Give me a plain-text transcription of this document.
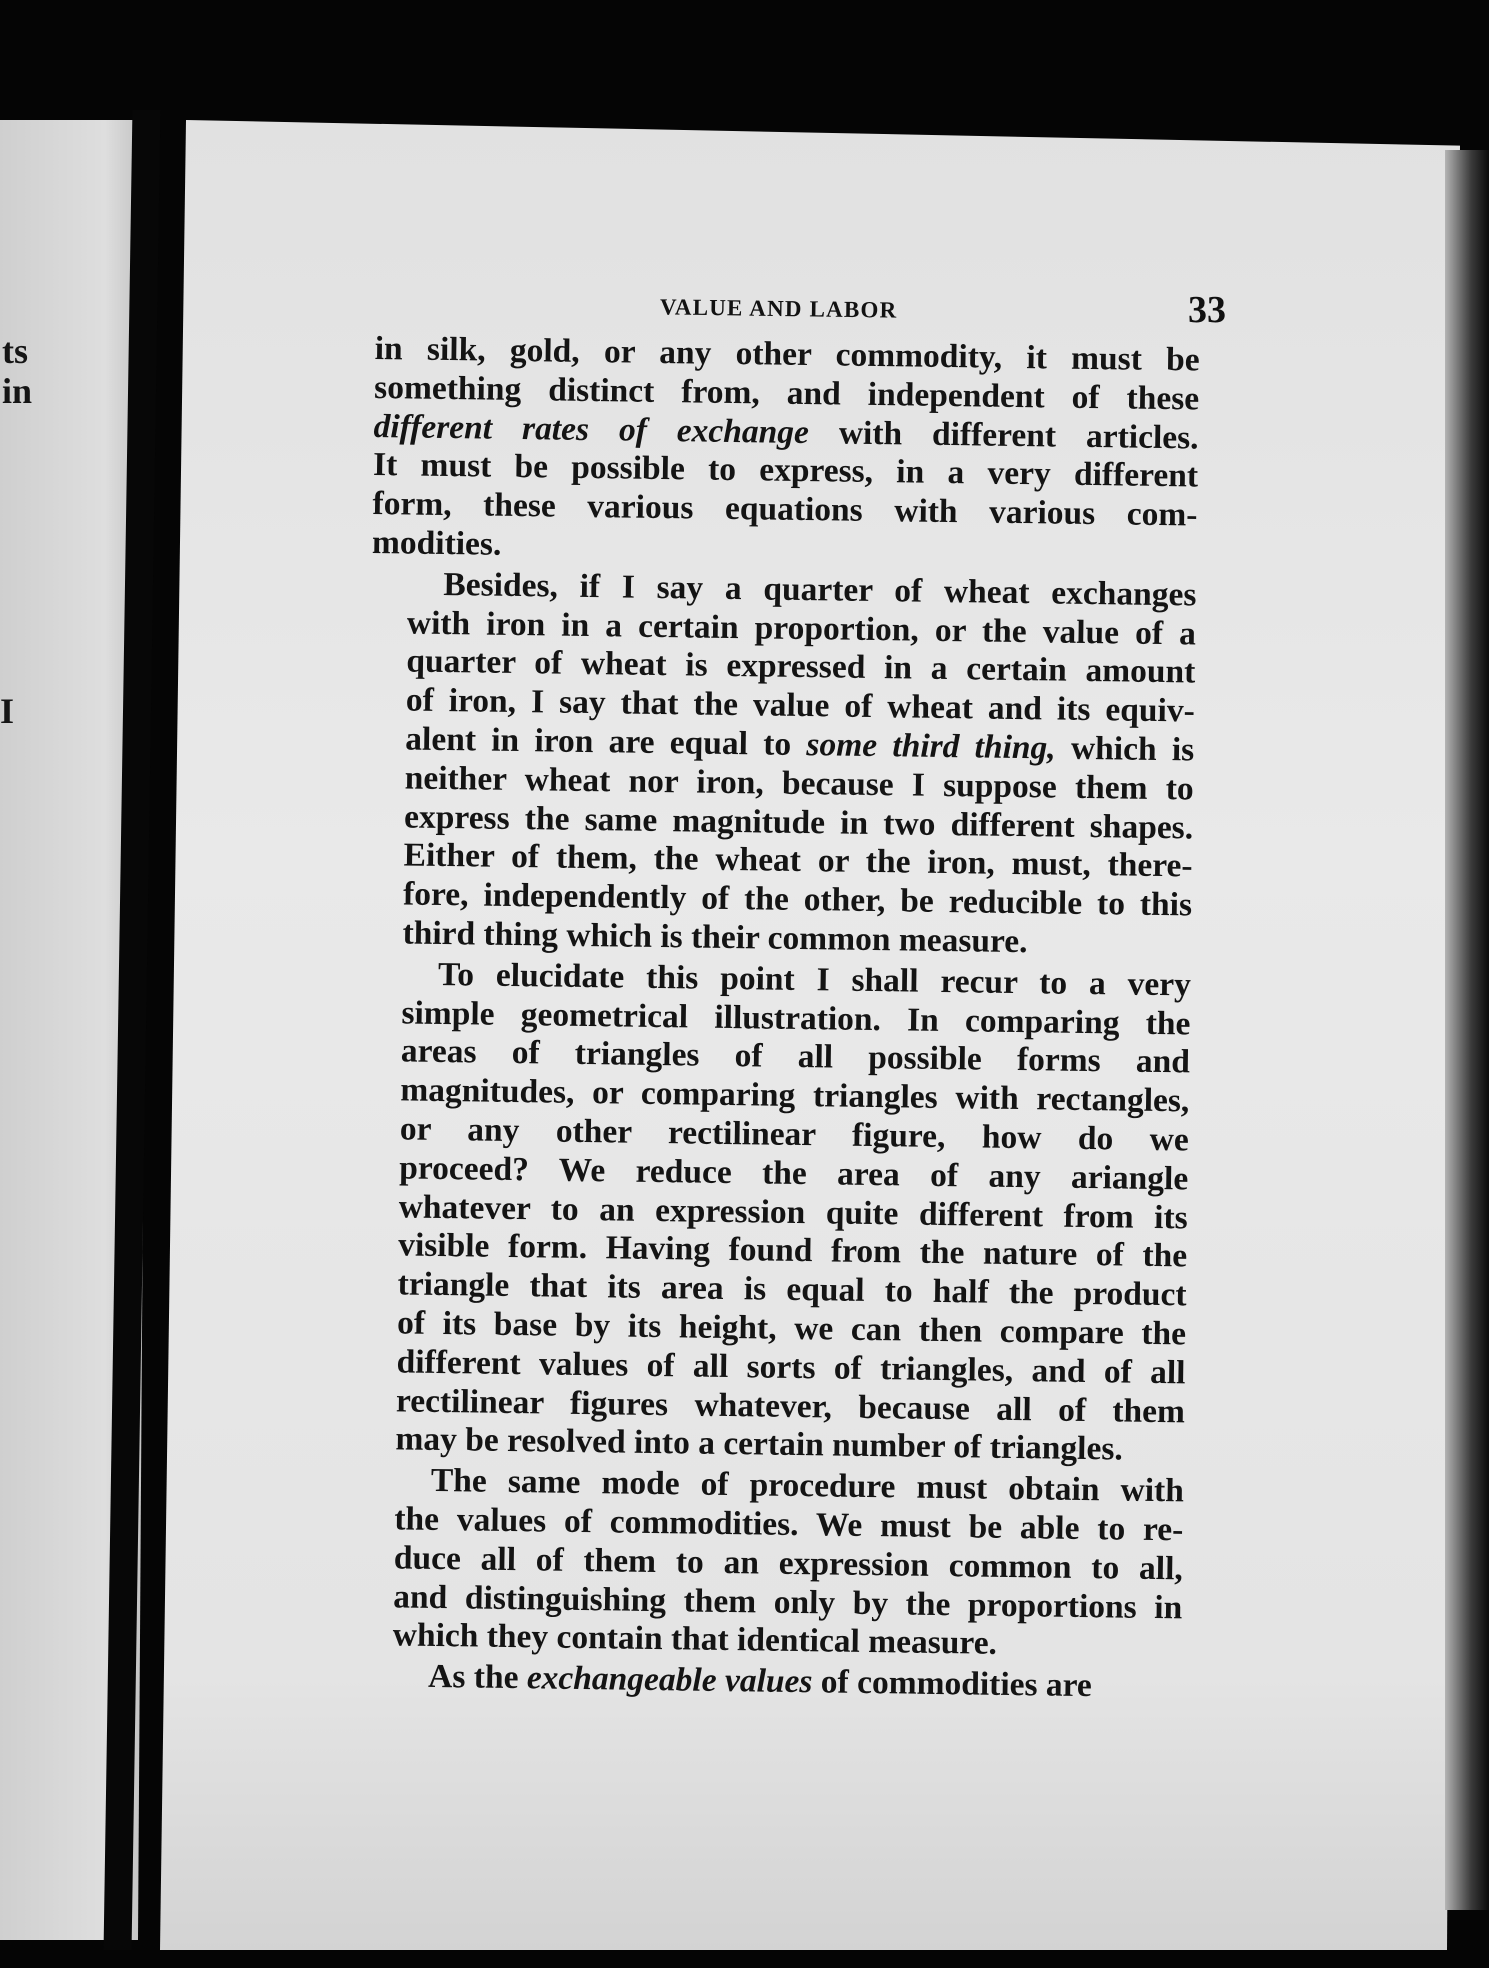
ts
in
I
VALUE AND LABOR	33
in silk, gold, or any other commodity, it must be
something distinct from, and independent of these
different rates of exchange with different articles.
It must be possible to express, in a very different
form, these various equations with various com-
modities.
Besides, if I say a quarter of wheat exchanges
with iron in a certain proportion, or the value of a
quarter of wheat is expressed in a certain amount
of iron, I say that the value of wheat and its equiv-
alent in iron are equal to some third thing, which is
neither wheat nor iron, because I suppose them to
express the same magnitude in two different shapes.
Either of them, the wheat or the iron, must, there-
fore, independently of the other, be reducible to this
third thing which is their common measure.
To elucidate this point I shall recur to a very
simple geometrical illustration. In comparing the
areas of triangles of all possible forms and
magnitudes, or comparing triangles with rectangles,
or any other rectilinear figure, how do we
proceed? We reduce the area of any ariangle
whatever to an expression quite different from its
visible form. Having found from the nature of the
triangle that its area is equal to half the product
of its base by its height, we can then compare the
different values of all sorts of triangles, and of all
rectilinear figures whatever, because all of them
may be resolved into a certain number of triangles.
The same mode of procedure must obtain with
the values of commodities. We must be able to re-
duce all of them to an expression common to all,
and distinguishing them only by the proportions in
which they contain that identical measure.
As the exchangeable values of commodities are
